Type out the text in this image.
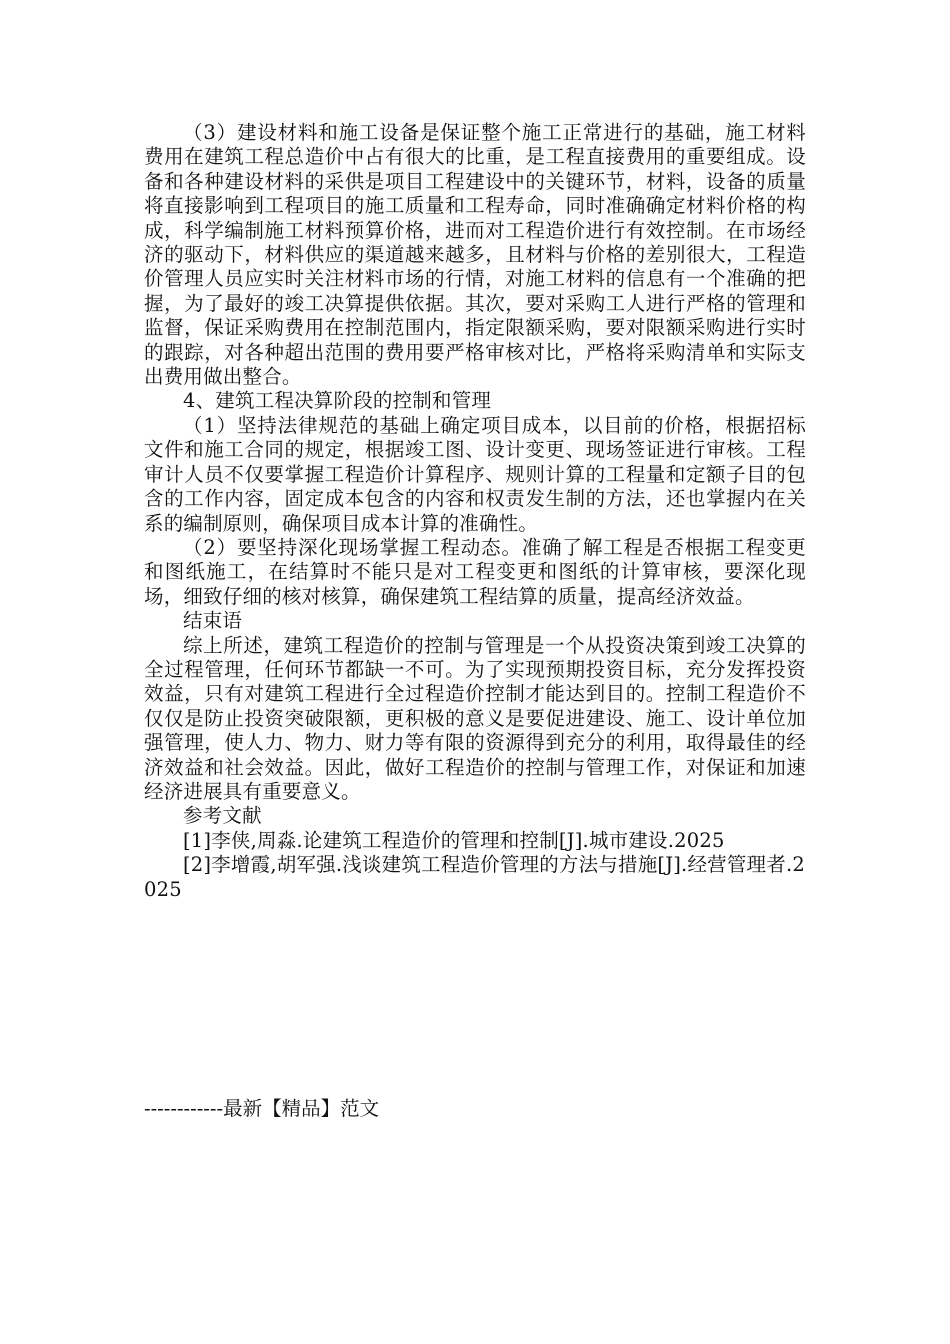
（3）建设材料和施工设备是保证整个施工正常进行的基础，施工材料费用在建筑工程总造价中占有很大的比重，是工程直接费用的重要组成。设备和各种建设材料的采供是项目工程建设中的关键环节，材料，设备的质量将直接影响到工程项目的施工质量和工程寿命，同时准确确定材料价格的构成，科学编制施工材料预算价格，进而对工程造价进行有效控制。在市场经济的驱动下，材料供应的渠道越来越多，且材料与价格的差别很大，工程造价管理人员应实时关注材料市场的行情，对施工材料的信息有一个准确的把握，为了最好的竣工决算提供依据。其次，要对采购工人进行严格的管理和监督，保证采购费用在控制范围内，指定限额采购，要对限额采购进行实时的跟踪，对各种超出范围的费用要严格审核对比，严格将采购清单和实际支出费用做出整合。

4、建筑工程决算阶段的控制和管理

（1）坚持法律规范的基础上确定项目成本，以目前的价格，根据招标文件和施工合同的规定，根据竣工图、设计变更、现场签证进行审核。工程审计人员不仅要掌握工程造价计算程序、规则计算的工程量和定额子目的包含的工作内容，固定成本包含的内容和权责发生制的方法，还也掌握内在关系的编制原则，确保项目成本计算的准确性。

（2）要坚持深化现场掌握工程动态。准确了解工程是否根据工程变更和图纸施工，在结算时不能只是对工程变更和图纸的计算审核，要深化现场，细致仔细的核对核算，确保建筑工程结算的质量，提高经济效益。

结束语

综上所述，建筑工程造价的控制与管理是一个从投资决策到竣工决算的全过程管理，任何环节都缺一不可。为了实现预期投资目标，充分发挥投资效益，只有对建筑工程进行全过程造价控制才能达到目的。控制工程造价不仅仅是防止投资突破限额，更积极的意义是要促进建设、施工、设计单位加强管理，使人力、物力、财力等有限的资源得到充分的利用，取得最佳的经济效益和社会效益。因此，做好工程造价的控制与管理工作，对保证和加速经济进展具有重要意义。

参考文献

[1]李侠,周淼.论建筑工程造价的管理和控制[J].城市建设.2025

[2]李增霞,胡军强.浅谈建筑工程造价管理的方法与措施[J].经营管理者.2025

------------最新【精品】范文
